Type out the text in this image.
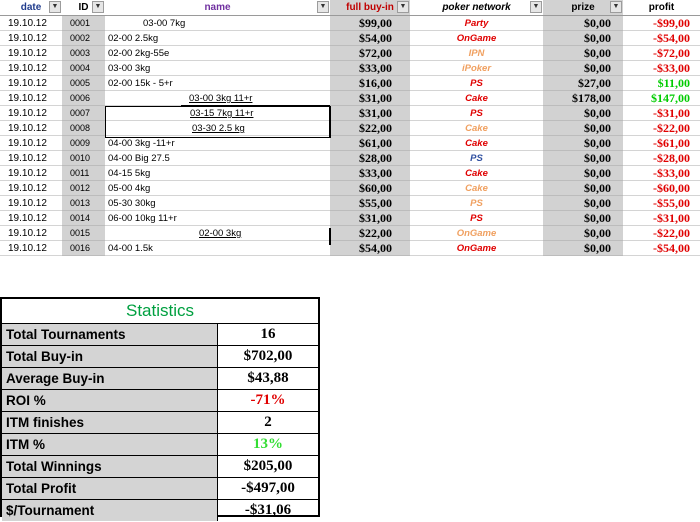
date	▼	ID ▼	name	▼	full buy-in ▼	poker network	▼	prize	▼	profit
19.10.12	0001	03-00 7kg	$99,00	Party	$0,00	-$99,00
19.10.12	0002	02-00 2.5kg	$54,00	OnGame	$0,00	-$54,00
19.10.12	0003	02-00 2kg-55e	$72,00	IPN	$0,00	-$72,00
19.10.12	0004	03-00 3kg	$33,00	iPoker	$0,00	-$33,00
19.10.12	0005	02-00 15k - 5+r	$16,00	PS	$27,00	$11,00
19.10.12	0006	03-00 3kg 11+r	$31,00	Cake	$178,00	$147,00
19.10.12	0007	03-15 7kg 11+r	$31,00	PS	$0,00	-$31,00
19.10.12	0008	03-30 2.5 kg	$22,00	Cake	$0,00	-$22,00
19.10.12	0009	04-00 3kg -11+r	$61,00	Cake	$0,00	-$61,00
19.10.12	0010	04-00 Big 27.5	$28,00	PS	$0,00	-$28,00
19.10.12	0011	04-15 5kg	$33,00	Cake	$0,00	-$33,00
19.10.12	0012	05-00 4kg	$60,00	Cake	$0,00	-$60,00
19.10.12	0013	05-30 30kg	$55,00	PS	$0,00	-$55,00
19.10.12	0014	06-00 10kg 11+r	$31,00	PS	$0,00	-$31,00
19.10.12	0015	02-00 3kg	$22,00	OnGame	$0,00	-$22,00
19.10.12	0016	04-00 1.5k	$54,00	OnGame	$0,00	-$54,00
Statistics
Total Tournaments	16
Total Buy-in	$702,00
Average Buy-in	$43,88
ROI %	-71%
ITM finishes	2
ITM %	13%
Total Winnings	$205,00
Total Profit	-$497,00
$/Tournament	-$31,06
